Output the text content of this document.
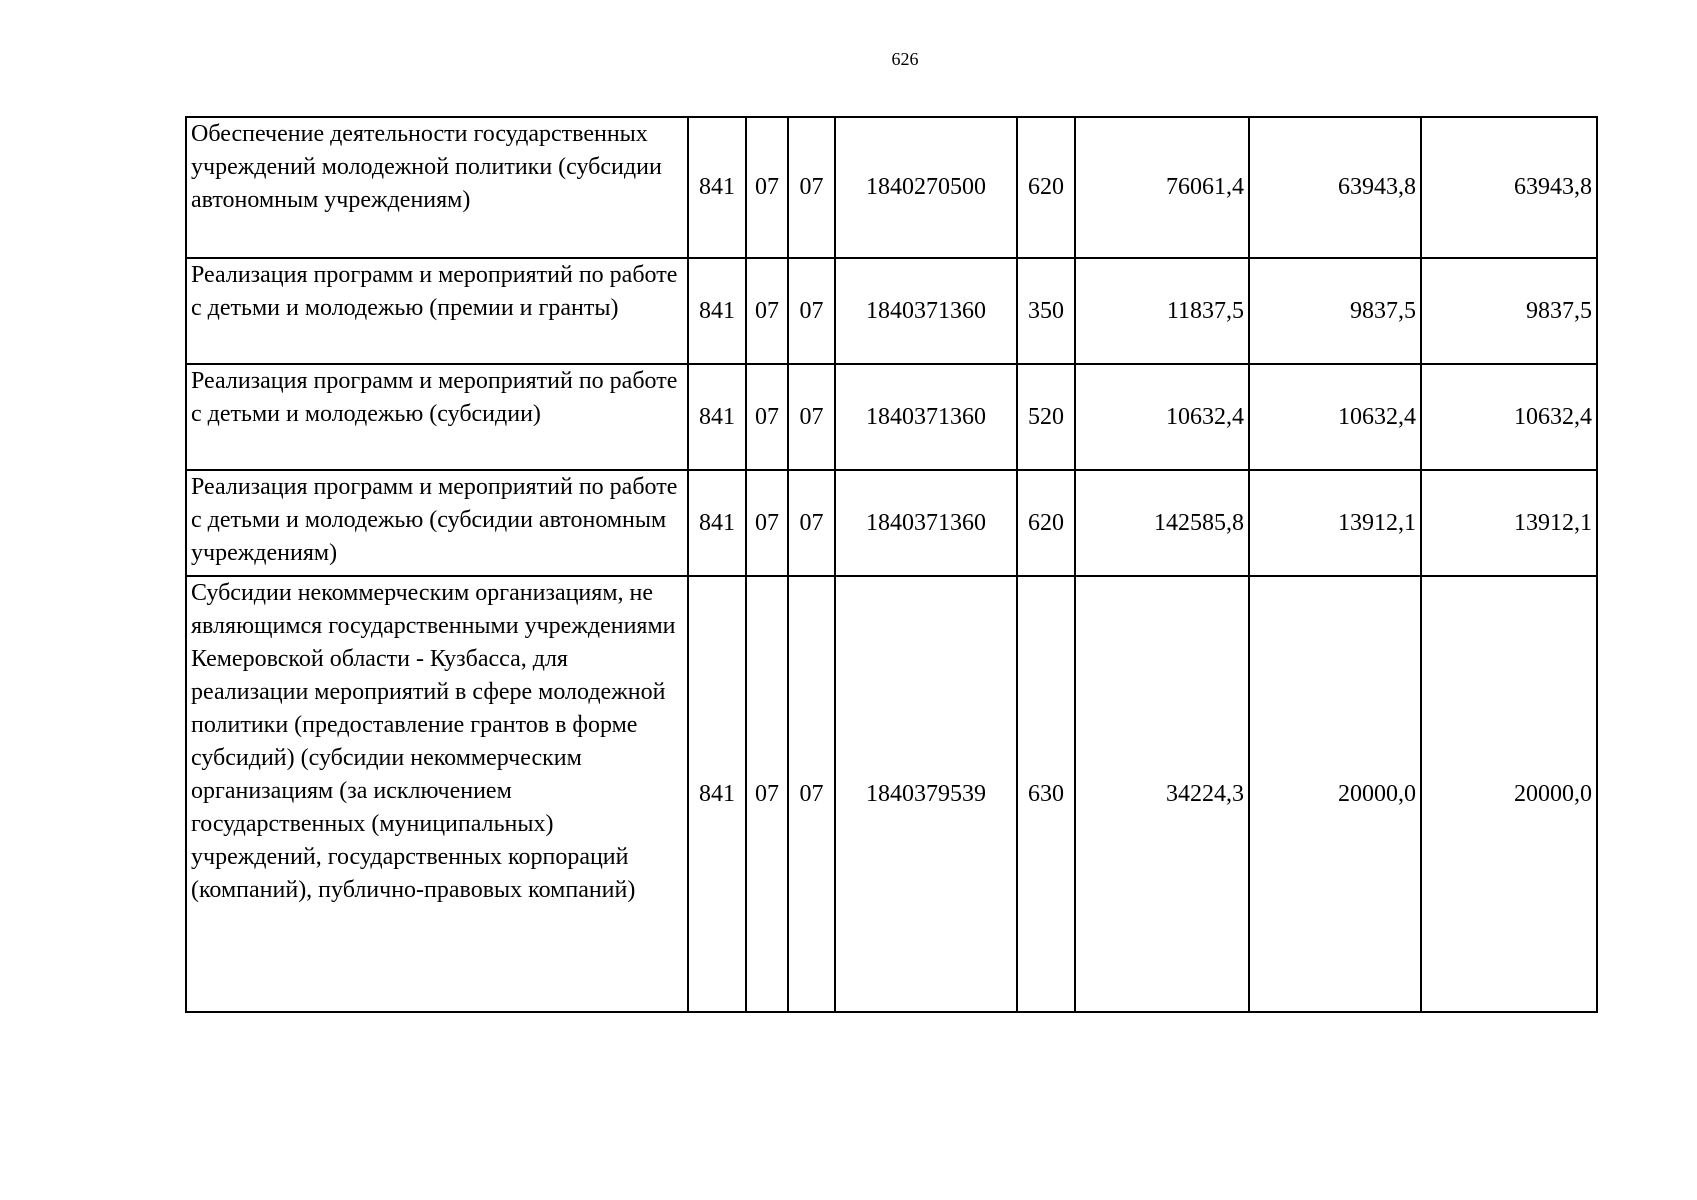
626
Обеспечение деятельности государственных учреждений молодежной политики (субсидии автономным учреждениям)	841	07	07	1840270500	620	76061,4	63943,8	63943,8
Реализация программ и мероприятий по работе с детьми и молодежью (премии и гранты)	841	07	07	1840371360	350	11837,5	9837,5	9837,5
Реализация программ и мероприятий по работе с детьми и молодежью (субсидии)	841	07	07	1840371360	520	10632,4	10632,4	10632,4
Реализация программ и мероприятий по работе с детьми и молодежью (субсидии автономным учреждениям)	841	07	07	1840371360	620	142585,8	13912,1	13912,1
Субсидии некоммерческим организациям, не являющимся государственными учреждениями Кемеровской области - Кузбасса, для реализации мероприятий в сфере молодежной политики (предоставление грантов в форме субсидий) (субсидии некоммерческим организациям (за исключением государственных (муниципальных) учреждений, государственных корпораций (компаний), публично-правовых компаний)	841	07	07	1840379539	630	34224,3	20000,0	20000,0
